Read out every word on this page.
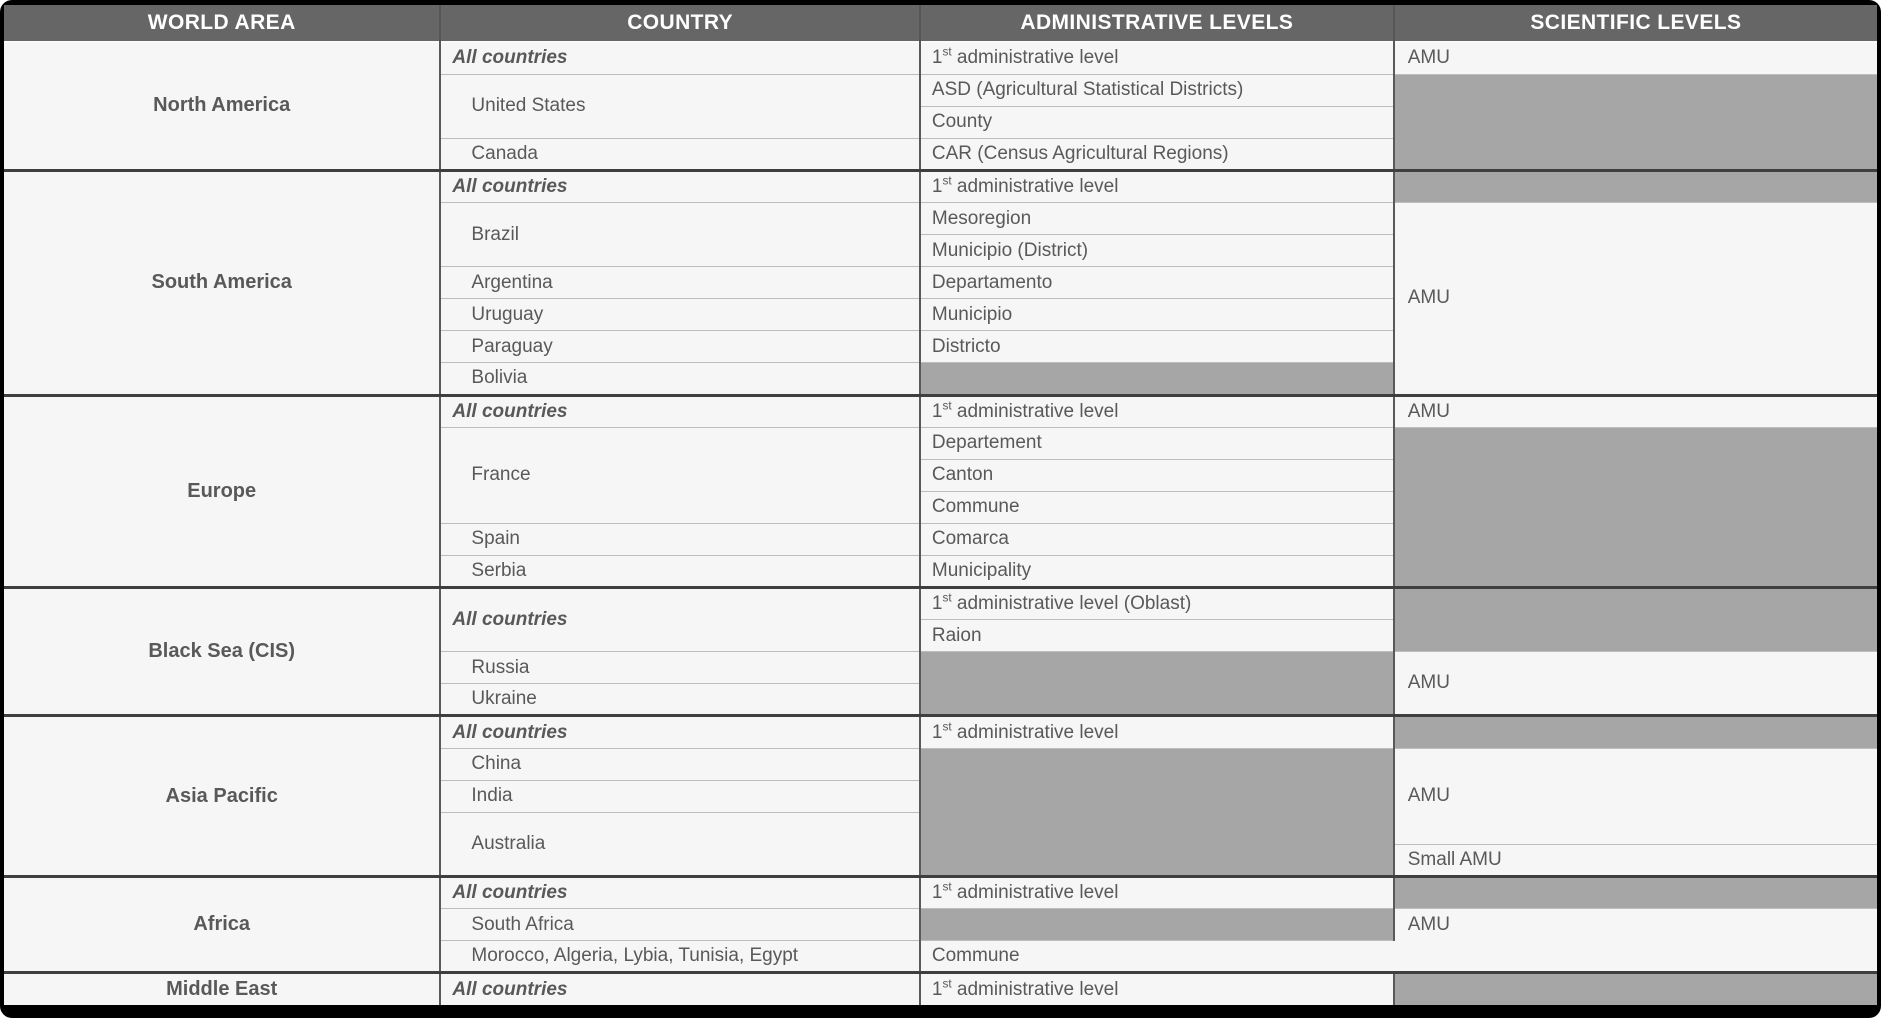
WORLD AREA	COUNTRY	ADMINISTRATIVE LEVELS	SCIENTIFIC LEVELS
North America	All countries	1st administrative level	AMU
	United States	ASD (Agricultural Statistical Districts)	
		County	
	Canada	CAR (Census Agricultural Regions)	
South America	All countries	1st administrative level	
	Brazil	Mesoregion	AMU
		Municipio (District)	
	Argentina	Departamento	
	Uruguay	Municipio	
	Paraguay	Districto	
	Bolivia		
Europe	All countries	1st administrative level	AMU
	France	Departement	
		Canton	
		Commune	
	Spain	Comarca	
	Serbia	Municipality	
Black Sea (CIS)	All countries	1st administrative level (Oblast)	
		Raion	
	Russia		AMU
	Ukraine		
Asia Pacific	All countries	1st administrative level	
	China		AMU
	India		
	Australia		
			Small AMU
Africa	All countries	1st administrative level	
	South Africa		AMU
	Morocco, Algeria, Lybia, Tunisia, Egypt	Commune	
Middle East	All countries	1st administrative level	
